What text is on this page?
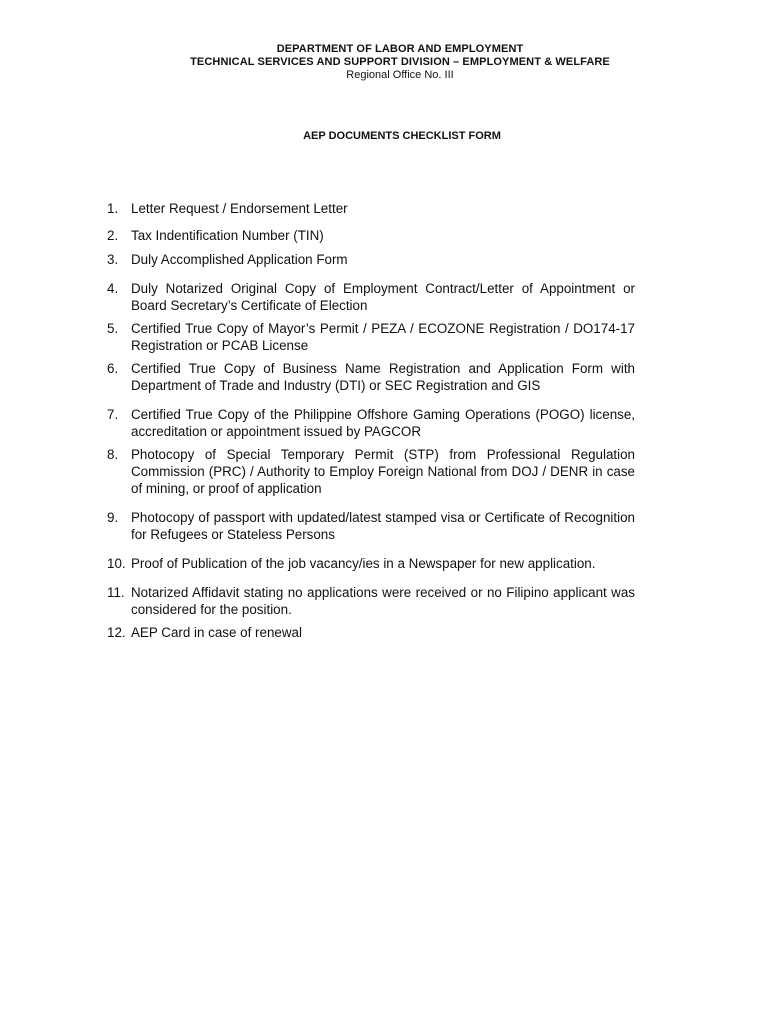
DEPARTMENT OF LABOR AND EMPLOYMENT
TECHNICAL SERVICES AND SUPPORT DIVISION – EMPLOYMENT & WELFARE
Regional Office No. III
AEP DOCUMENTS CHECKLIST FORM
1. Letter Request / Endorsement Letter
2. Tax Indentification Number (TIN)
3. Duly Accomplished Application Form
4. Duly Notarized Original Copy of Employment Contract/Letter of Appointment or Board Secretary’s Certificate of Election
5. Certified True Copy of Mayor’s Permit / PEZA / ECOZONE Registration / DO174-17 Registration or PCAB License
6. Certified True Copy of Business Name Registration and Application Form with Department of Trade and Industry (DTI) or SEC Registration and GIS
7. Certified True Copy of the Philippine Offshore Gaming Operations (POGO) license, accreditation or appointment issued by PAGCOR
8. Photocopy of Special Temporary Permit (STP) from Professional Regulation Commission (PRC) / Authority to Employ Foreign National from DOJ / DENR in case of mining, or proof of application
9. Photocopy of passport with updated/latest stamped visa or Certificate of Recognition for Refugees or Stateless Persons
10. Proof of Publication of the job vacancy/ies in a Newspaper for new application.
11. Notarized Affidavit stating no applications were received or no Filipino applicant was considered for the position.
12. AEP Card in case of renewal
